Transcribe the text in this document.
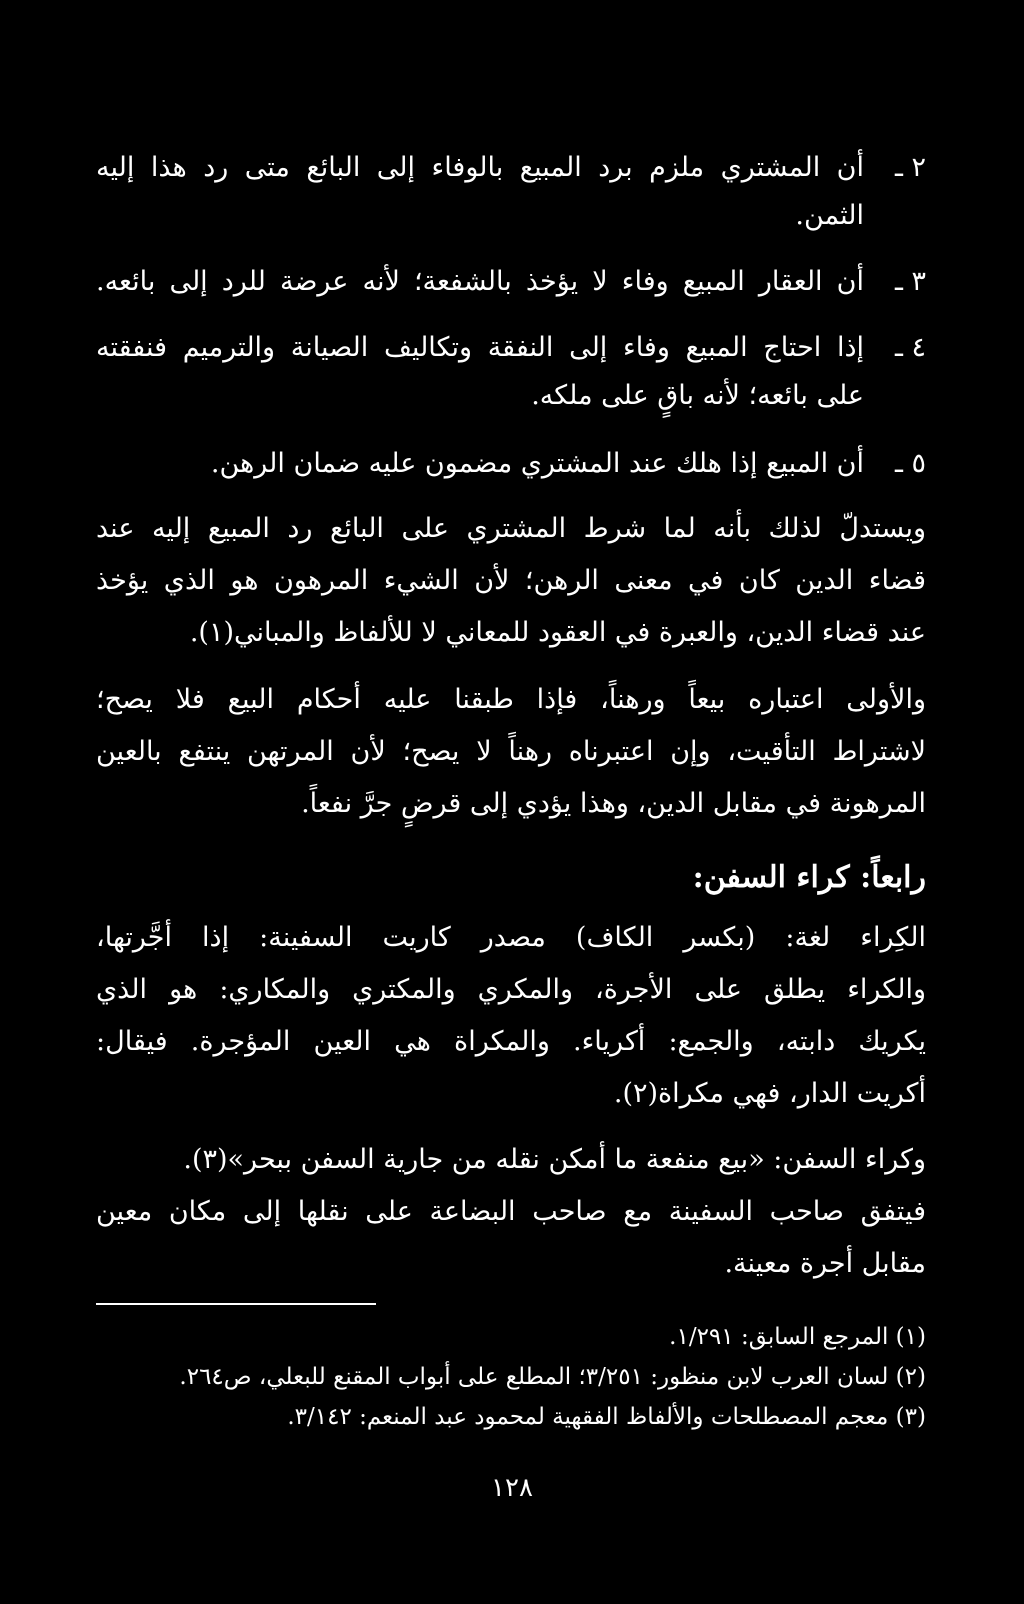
٢ ـ
أن المشتري ملزم برد المبيع بالوفاء إلى البائع متى رد هذا إليه
الثمن.
٣ ـ
أن العقار المبيع وفاء لا يؤخذ بالشفعة؛ لأنه عرضة للرد إلى بائعه.
٤ ـ
إذا احتاج المبيع وفاء إلى النفقة وتكاليف الصيانة والترميم فنفقته
على بائعه؛ لأنه باقٍ على ملكه.
٥ ـ
أن المبيع إذا هلك عند المشتري مضمون عليه ضمان الرهن.
ويستدلّ لذلك بأنه لما شرط المشتري على البائع رد المبيع إليه عند
قضاء الدين كان في معنى الرهن؛ لأن الشيء المرهون هو الذي يؤخذ
عند قضاء الدين، والعبرة في العقود للمعاني لا للألفاظ والمباني(١).
والأولى اعتباره بيعاً ورهناً، فإذا طبقنا عليه أحكام البيع فلا يصح؛
لاشتراط التأقيت، وإن اعتبرناه رهناً لا يصح؛ لأن المرتهن ينتفع بالعين
المرهونة في مقابل الدين، وهذا يؤدي إلى قرضٍ جرَّ نفعاً.
رابعاً: كراء السفن:
الكِراء لغة: (بكسر الكاف) مصدر كاريت السفينة: إذا أجَّرتها،
والكراء يطلق على الأجرة، والمكري والمكتري والمكاري: هو الذي
يكريك دابته، والجمع: أكرياء. والمكراة هي العين المؤجرة. فيقال:
أكريت الدار، فهي مكراة(٢).
وكراء السفن: «بيع منفعة ما أمكن نقله من جارية السفن ببحر»(٣).
فيتفق صاحب السفينة مع صاحب البضاعة على نقلها إلى مكان معين
مقابل أجرة معينة.
(١) المرجع السابق: ١/٢٩١.
(٢) لسان العرب لابن منظور: ٣/٢٥١؛ المطلع على أبواب المقنع للبعلي، ص٢٦٤.
(٣) معجم المصطلحات والألفاظ الفقهية لمحمود عبد المنعم: ٣/١٤٢.
١٢٨
